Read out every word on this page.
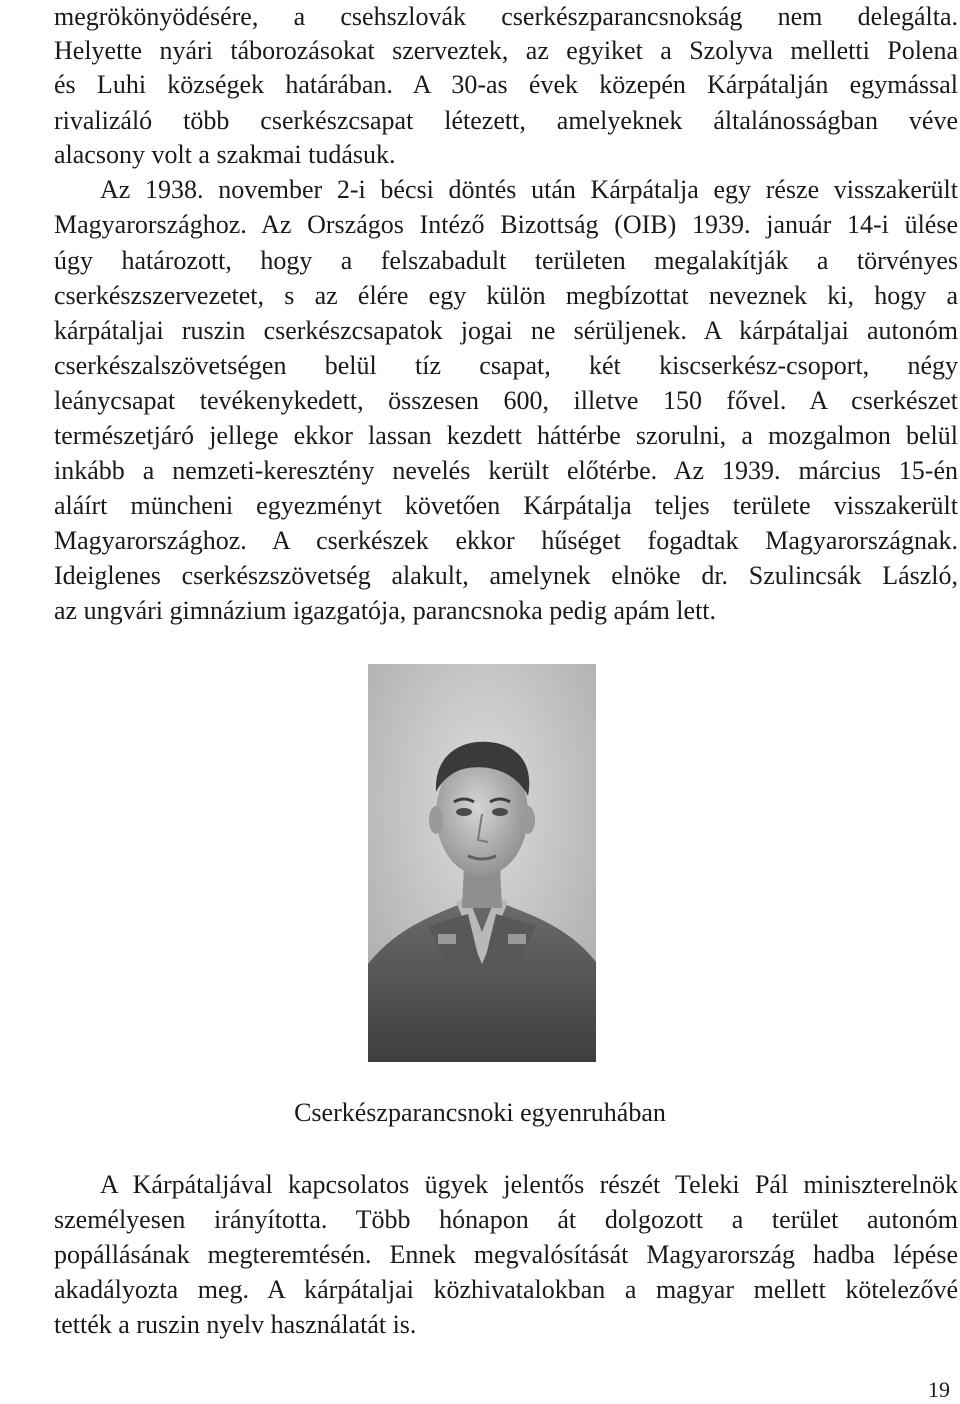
megrökönyödésére, a csehszlovák cserkészparancsnokság nem delegálta.
Helyette nyári táborozásokat szerveztek, az egyiket a Szolyva melletti Polena
és Luhi községek határában. A 30-as évek közepén Kárpátalján egymással
rivalizáló több cserkészcsapat létezett, amelyeknek általánosságban véve
alacsony volt a szakmai tudásuk.
Az 1938. november 2-i bécsi döntés után Kárpátalja egy része visszakerült
Magyarországhoz. Az Országos Intéző Bizottság (OIB) 1939. január 14-i ülése
úgy határozott, hogy a felszabadult területen megalakítják a törvényes
cserkészszervezetet, s az élére egy külön megbízottat neveznek ki, hogy a
kárpátaljai ruszin cserkészcsapatok jogai ne sérüljenek. A kárpátaljai autonóm
cserkészalszövetségen belül tíz csapat, két kiscserkész-csoport, négy
leánycsapat tevékenykedett, összesen 600, illetve 150 fővel. A cserkészet
természetjáró jellege ekkor lassan kezdett háttérbe szorulni, a mozgalmon belül
inkább a nemzeti-keresztény nevelés került előtérbe. Az 1939. március 15-én
aláírt müncheni egyezményt követően Kárpátalja teljes területe visszakerült
Magyarországhoz. A cserkészek ekkor hűséget fogadtak Magyarországnak.
Ideiglenes cserkészszövetség alakult, amelynek elnöke dr. Szulincsák László,
az ungvári gimnázium igazgatója, parancsnoka pedig apám lett.
Cserkészparancsnoki egyenruhában
A Kárpátaljával kapcsolatos ügyek jelentős részét Teleki Pál miniszterelnök
személyesen irányította. Több hónapon át dolgozott a terület autonóm
popállásának megteremtésén. Ennek megvalósítását Magyarország hadba lépése
akadályozta meg. A kárpátaljai közhivatalokban a magyar mellett kötelezővé
tették a ruszin nyelv használatát is.
19
